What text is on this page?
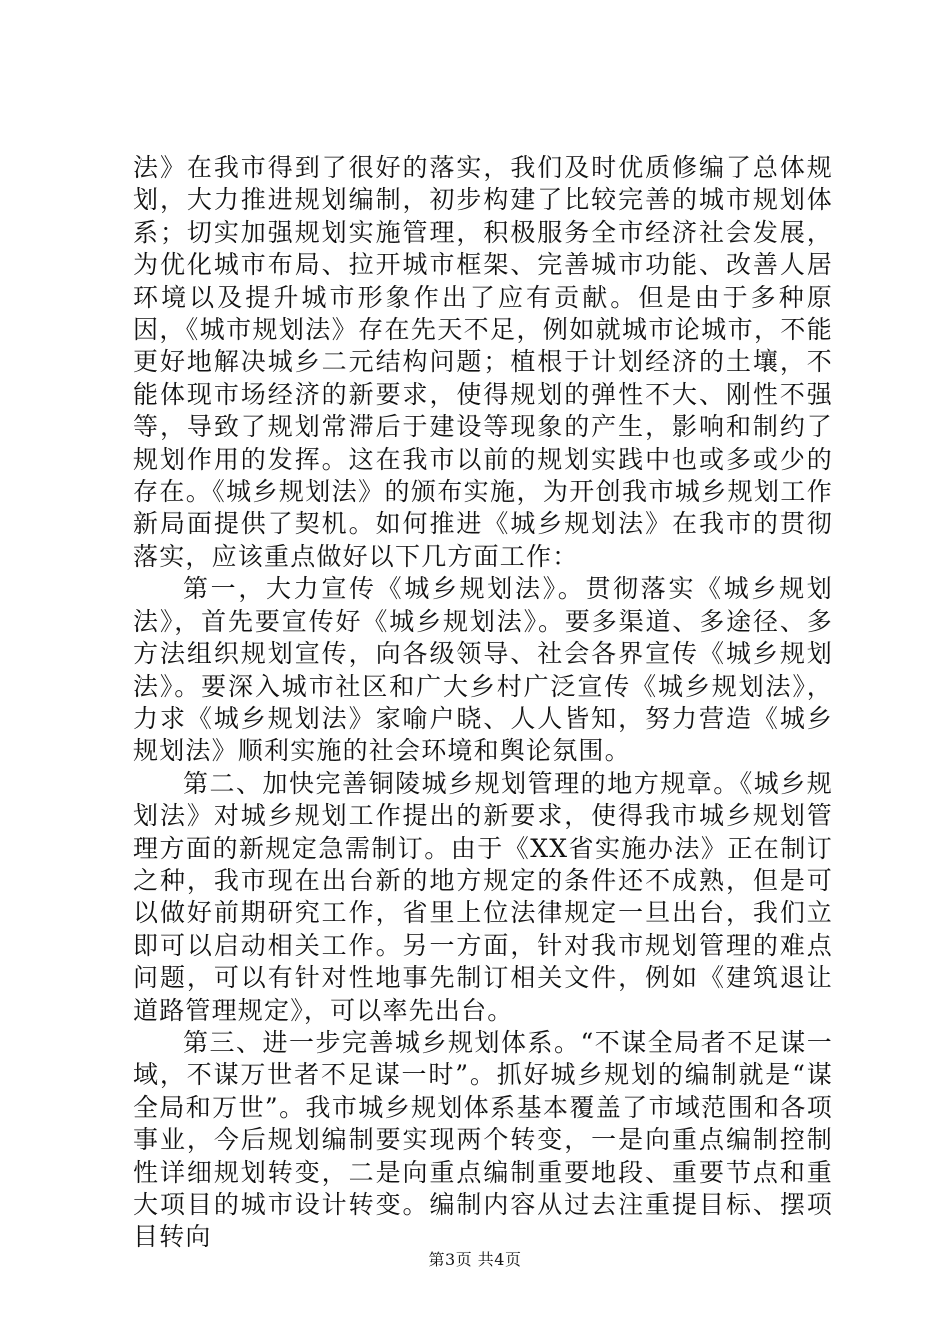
法》在我市得到了很好的落实，我们及时优质修编了总体规划，大力推进规划编制，初步构建了比较完善的城市规划体系；切实加强规划实施管理，积极服务全市经济社会发展，为优化城市布局、拉开城市框架、完善城市功能、改善人居环境以及提升城市形象作出了应有贡献。但是由于多种原因，《城市规划法》存在先天不足，例如就城市论城市，不能更好地解决城乡二元结构问题；植根于计划经济的土壤，不能体现市场经济的新要求，使得规划的弹性不大、刚性不强等，导致了规划常滞后于建设等现象的产生，影响和制约了规划作用的发挥。这在我市以前的规划实践中也或多或少的存在。《城乡规划法》的颁布实施，为开创我市城乡规划工作新局面提供了契机。如何推进《城乡规划法》在我市的贯彻落实，应该重点做好以下几方面工作：

第一，大力宣传《城乡规划法》。贯彻落实《城乡规划法》，首先要宣传好《城乡规划法》。要多渠道、多途径、多方法组织规划宣传，向各级领导、社会各界宣传《城乡规划法》。要深入城市社区和广大乡村广泛宣传《城乡规划法》，力求《城乡规划法》家喻户晓、人人皆知，努力营造《城乡规划法》顺利实施的社会环境和舆论氛围。

第二、加快完善铜陵城乡规划管理的地方规章。《城乡规划法》对城乡规划工作提出的新要求，使得我市城乡规划管理方面的新规定急需制订。由于《XX省实施办法》正在制订之种，我市现在出台新的地方规定的条件还不成熟，但是可以做好前期研究工作，省里上位法律规定一旦出台，我们立即可以启动相关工作。另一方面，针对我市规划管理的难点问题，可以有针对性地事先制订相关文件，例如《建筑退让道路管理规定》，可以率先出台。

第三、进一步完善城乡规划体系。“不谋全局者不足谋一域，不谋万世者不足谋一时”。抓好城乡规划的编制就是“谋全局和万世”。我市城乡规划体系基本覆盖了市域范围和各项事业，今后规划编制要实现两个转变，一是向重点编制控制性详细规划转变，二是向重点编制重要地段、重要节点和重大项目的城市设计转变。编制内容从过去注重提目标、摆项目转向

第3页 共4页
